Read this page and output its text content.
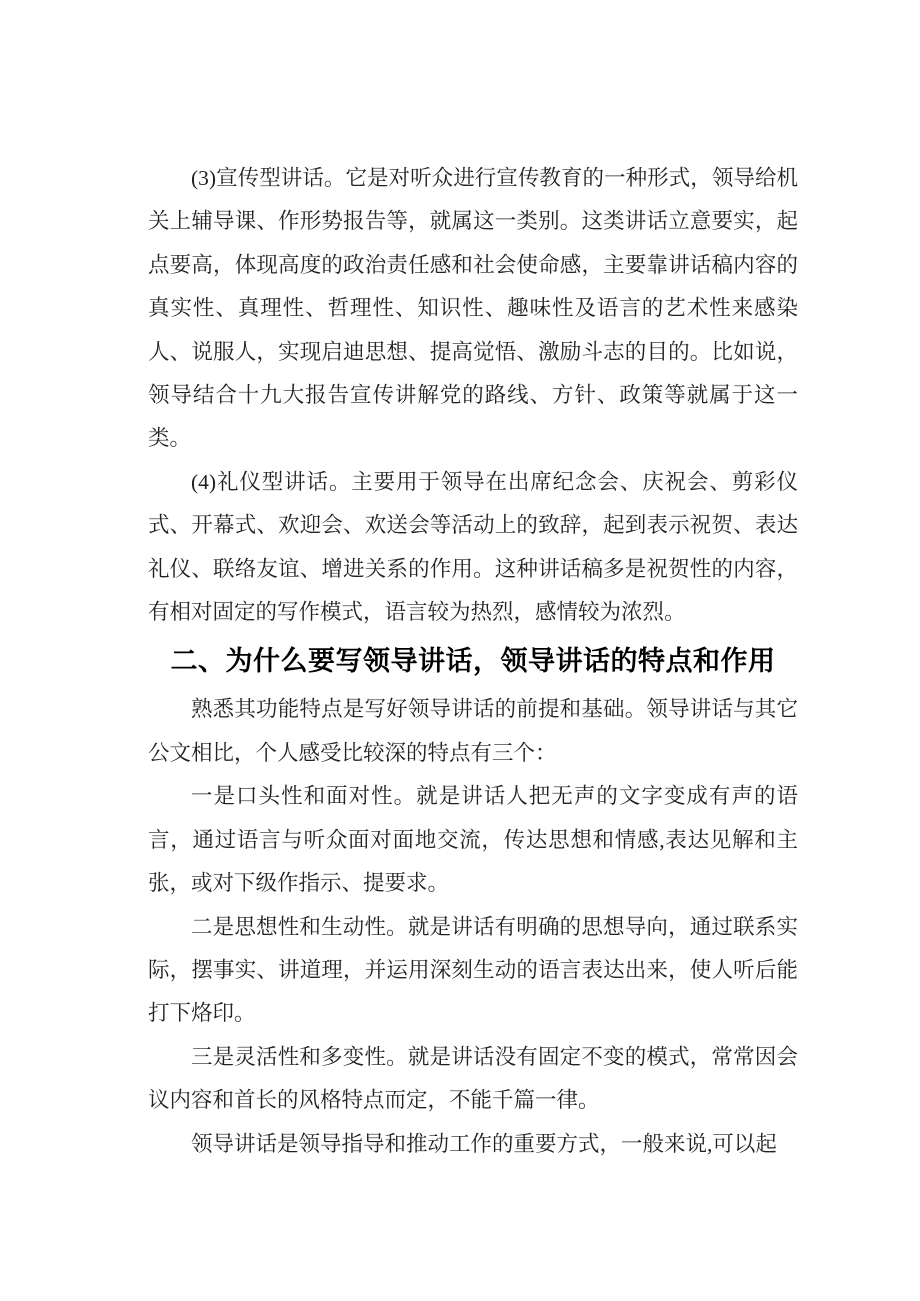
(3)宣传型讲话。它是对听众进行宣传教育的一种形式，领导给机关上辅导课、作形势报告等，就属这一类别。这类讲话立意要实，起点要高，体现高度的政治责任感和社会使命感，主要靠讲话稿内容的真实性、真理性、哲理性、知识性、趣味性及语言的艺术性来感染人、说服人，实现启迪思想、提高觉悟、激励斗志的目的。比如说，领导结合十九大报告宣传讲解党的路线、方针、政策等就属于这一类。

(4)礼仪型讲话。主要用于领导在出席纪念会、庆祝会、剪彩仪式、开幕式、欢迎会、欢送会等活动上的致辞，起到表示祝贺、表达礼仪、联络友谊、增进关系的作用。这种讲话稿多是祝贺性的内容，有相对固定的写作模式，语言较为热烈，感情较为浓烈。

二、为什么要写领导讲话，领导讲话的特点和作用

熟悉其功能特点是写好领导讲话的前提和基础。领导讲话与其它公文相比，个人感受比较深的特点有三个：

一是口头性和面对性。就是讲话人把无声的文字变成有声的语言，通过语言与听众面对面地交流，传达思想和情感,表达见解和主张，或对下级作指示、提要求。

二是思想性和生动性。就是讲话有明确的思想导向，通过联系实际，摆事实、讲道理，并运用深刻生动的语言表达出来，使人听后能打下烙印。

三是灵活性和多变性。就是讲话没有固定不变的模式，常常因会议内容和首长的风格特点而定，不能千篇一律。

领导讲话是领导指导和推动工作的重要方式，一般来说,可以起
